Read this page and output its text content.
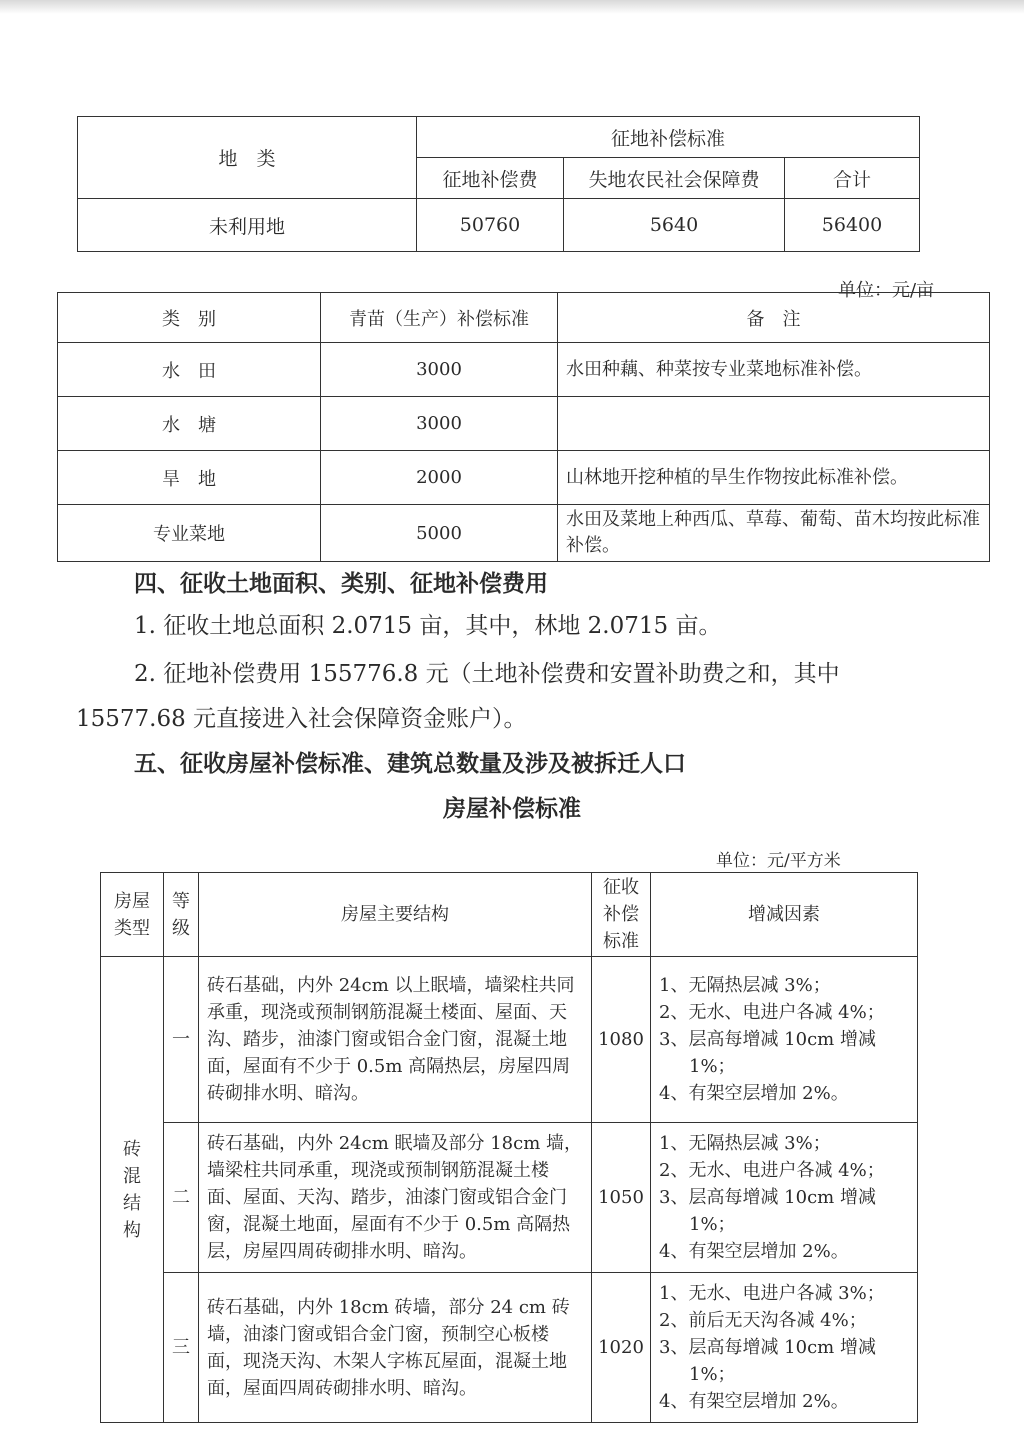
地　类	征地补偿标准		
	征地补偿费	失地农民社会保障费	合计
未利用地	50760	5640	56400
单位：元/亩
类　别	青苗（生产）补偿标准	备　注
水　田	3000	水田种藕、种菜按专业菜地标准补偿。
水　塘	3000	
旱　地	2000	山林地开挖种植的旱生作物按此标准补偿。
专业菜地	5000	水田及菜地上种西瓜、草莓、葡萄、苗木均按此标准补偿。
四、征收土地面积、类别、征地补偿费用
1. 征收土地总面积 2.0715 亩，其中，林地 2.0715 亩。
2. 征地补偿费用 155776.8 元（土地补偿费和安置补助费之和，其中
15577.68 元直接进入社会保障资金账户）。
五、征收房屋补偿标准、建筑总数量及涉及被拆迁人口
房屋补偿标准
单位：元/平方米
房屋
类型	等
级	房屋主要结构	征收
补偿
标准	增减因素
砖
混
结
构	一	砖石基础，内外 24cm 以上眠墙，墙梁柱共同承重，现浇或预制钢筋混凝土楼面、屋面、天沟、踏步，油漆门窗或铝合金门窗，混凝土地面，屋面有不少于 0.5m 高隔热层，房屋四周砖砌排水明、暗沟。	1080	1、无隔热层减 3%；
2、无水、电进户各减 4%；
3、层高每增减 10cm 增减 1%；
4、有架空层增加 2%。

	二	砖石基础，内外 24cm 眠墙及部分 18cm 墙，墙梁柱共同承重，现浇或预制钢筋混凝土楼面、屋面、天沟、踏步，油漆门窗或铝合金门窗，混凝土地面，屋面有不少于 0.5m 高隔热层，房屋四周砖砌排水明、暗沟。	1050	1、无隔热层减 3%；
2、无水、电进户各减 4%；
3、层高每增减 10cm 增减 1%；
4、有架空层增加 2%。

	三	砖石基础，内外 18cm 砖墙，部分 24 cm 砖墙，油漆门窗或铝合金门窗，预制空心板楼面，现浇天沟、木架人字栋瓦屋面，混凝土地面，屋面四周砖砌排水明、暗沟。	1020	1、无水、电进户各减 3%；
2、前后无天沟各减 4%；
3、层高每增减 10cm 增减 1%；
4、有架空层增加 2%。
